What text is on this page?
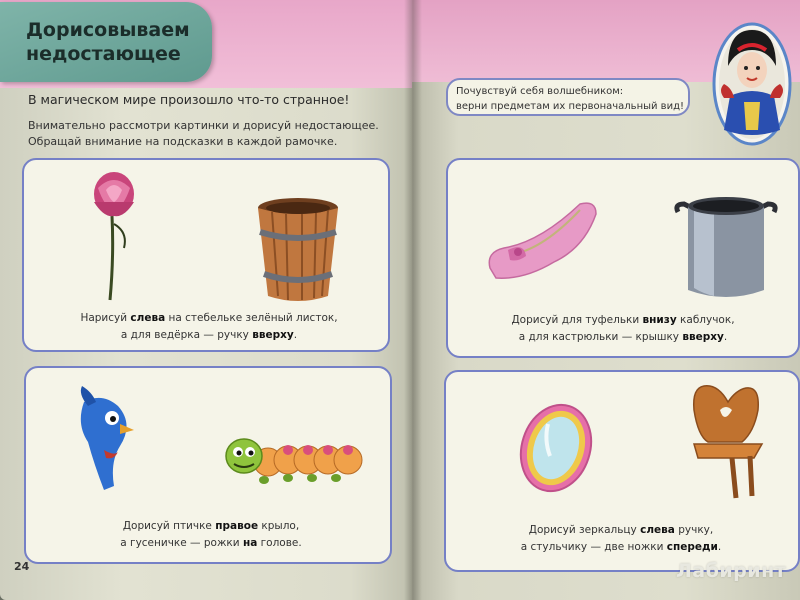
Дорисовываем
недостающее
В магическом мире произошло что-то странное!
Внимательно рассмотри картинки и дорисуй недостающее.
Обращай внимание на подсказки в каждой рамочке.
Нарисуй слева на стебельке зелёный листок,
а для ведёрка — ручку вверху.
Дорисуй птичке правое крыло,
а гусеничке — рожки на голове.
24
Почувствуй себя волшебником:
верни предметам их первоначальный вид!
Дорисуй для туфельки внизу каблучок,
а для кастрюльки — крышку вверху.
Дорисуй зеркальцу слева ручку,
а стульчику — две ножки спереди.
Лабиринт
